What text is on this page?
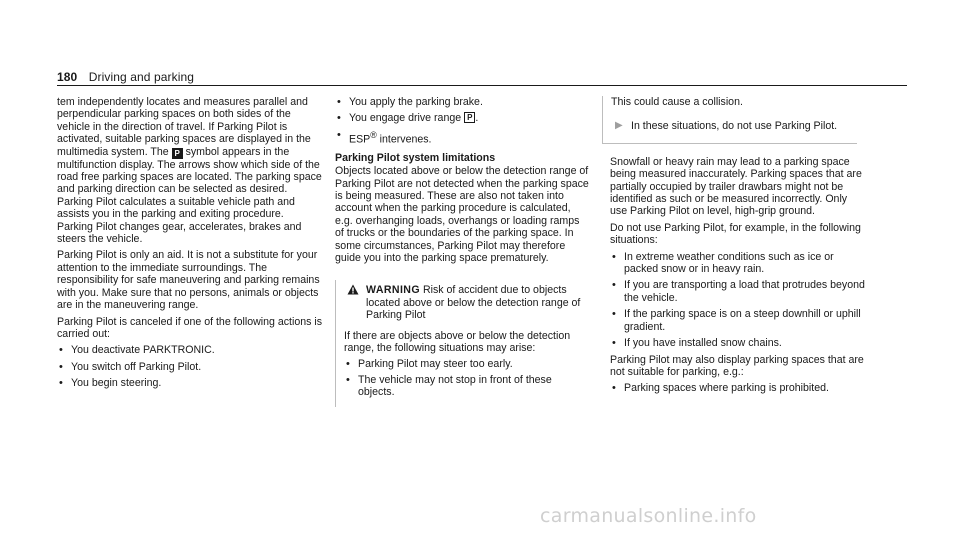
180 Driving and parking

tem independently locates and measures parallel and perpendicular parking spaces on both sides of the vehicle in the direction of travel. If Parking Pilot is activated, suitable parking spaces are displayed in the multimedia system. The P symbol appears in the multifunction display. The arrows show which side of the road free parking spaces are located. The parking space and parking direction can be selected as desired. Parking Pilot calculates a suitable vehicle path and assists you in the parking and exiting procedure. Parking Pilot changes gear, accelerates, brakes and steers the vehicle.

Parking Pilot is only an aid. It is not a substitute for your attention to the immediate surroundings. The responsibility for safe maneuvering and parking remains with you. Make sure that no persons, animals or objects are in the maneuvering range.

Parking Pilot is canceled if one of the following actions is carried out:

• You deactivate PARKTRONIC.
• You switch off Parking Pilot.
• You begin steering.
• You apply the parking brake.
• You engage drive range P .
• ESP® intervenes.
Parking Pilot system limitations

Objects located above or below the detection range of Parking Pilot are not detected when the parking space is being measured. These are also not taken into account when the parking procedure is calculated, e.g. overhanging loads, overhangs or loading ramps of trucks or the boundaries of the parking space. In some circumstances, Parking Pilot may therefore guide you into the parking space prematurely.

WARNING Risk of accident due to objects located above or below the detection range of Parking Pilot

If there are objects above or below the detection range, the following situations may arise:

• Parking Pilot may steer too early.
• The vehicle may not stop in front of these objects.

This could cause a collision.

▶ In these situations, do not use Parking Pilot.

Snowfall or heavy rain may lead to a parking space being measured inaccurately. Parking spaces that are partially occupied by trailer drawbars might not be identified as such or be measured incorrectly. Only use Parking Pilot on level, high-grip ground.

Do not use Parking Pilot, for example, in the following situations:

• In extreme weather conditions such as ice or packed snow or in heavy rain.
• If you are transporting a load that protrudes beyond the vehicle.
• If the parking space is on a steep downhill or uphill gradient.
• If you have installed snow chains.

Parking Pilot may also display parking spaces that are not suitable for parking, e.g.:

• Parking spaces where parking is prohibited.
carmanualsonline.info
